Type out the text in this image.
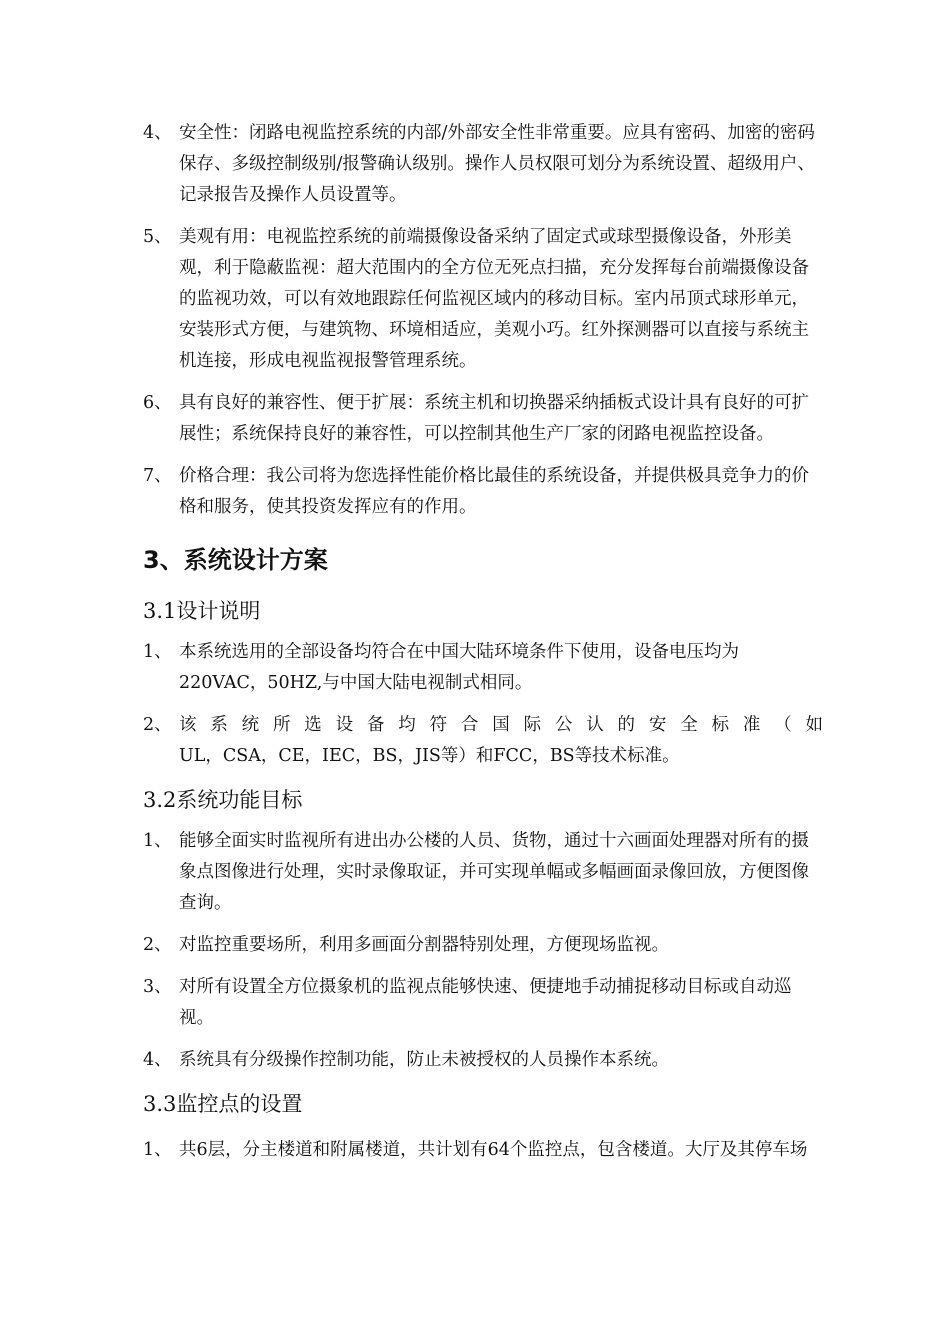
4、 安全性：闭路电视监控系统的内部/外部安全性非常重要。应具有密码、加密的密码保存、多级控制级别/报警确认级别。操作人员权限可划分为系统设置、超级用户、记录报告及操作人员设置等。
5、 美观有用：电视监控系统的前端摄像设备采纳了固定式或球型摄像设备，外形美观，利于隐蔽监视：超大范围内的全方位无死点扫描，充分发挥每台前端摄像设备的监视功效，可以有效地跟踪任何监视区域内的移动目标。室内吊顶式球形单元，安装形式方便，与建筑物、环境相适应，美观小巧。红外探测器可以直接与系统主机连接，形成电视监视报警管理系统。
6、 具有良好的兼容性、便于扩展：系统主机和切换器采纳插板式设计具有良好的可扩展性；系统保持良好的兼容性，可以控制其他生产厂家的闭路电视监控设备。
7、 价格合理：我公司将为您选择性能价格比最佳的系统设备，并提供极具竞争力的价格和服务，使其投资发挥应有的作用。
3、系统设计方案
3.1设计说明
1、 本系统选用的全部设备均符合在中国大陆环境条件下使用，设备电压均为220VAC，50HZ,与中国大陆电视制式相同。
2、 该系统所选设备均符合国际公认的安全标准（如
UL，CSA，CE，IEC，BS，JIS等）和FCC，BS等技术标准。
3.2系统功能目标
1、 能够全面实时监视所有进出办公楼的人员、货物，通过十六画面处理器对所有的摄象点图像进行处理，实时录像取证，并可实现单幅或多幅画面录像回放，方便图像查询。
2、 对监控重要场所，利用多画面分割器特别处理，方便现场监视。
3、 对所有设置全方位摄象机的监视点能够快速、便捷地手动捕捉移动目标或自动巡视。
4、 系统具有分级操作控制功能，防止未被授权的人员操作本系统。
3.3监控点的设置
1、 共6层，分主楼道和附属楼道，共计划有64个监控点，包含楼道。大厅及其停车场
